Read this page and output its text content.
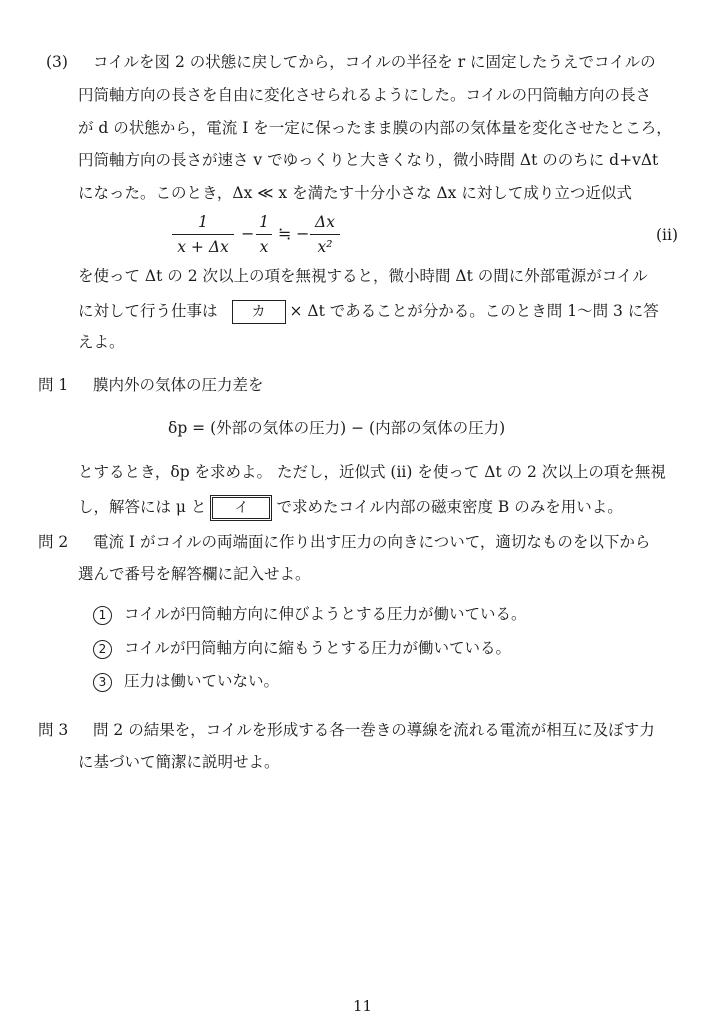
(3) コイルを図 2 の状態に戻してから，コイルの半径を r に固定したうえでコイルの
円筒軸方向の長さを自由に変化させられるようにした。コイルの円筒軸方向の長さ
が d の状態から，電流 I を一定に保ったまま膜の内部の気体量を変化させたところ，
円筒軸方向の長さが速さ v でゆっくりと大きくなり，微小時間 Δt ののちに d+vΔt
になった。このとき，Δx ≪ x を満たす十分小さな Δx に対して成り立つ近似式
1
x + Δx
−
1
x
≒ −
Δx
x²
(ii)
を使って Δt の 2 次以上の項を無視すると，微小時間 Δt の間に外部電源がコイル
に対して行う仕事は カ × Δt であることが分かる。このとき問 1〜問 3 に答
えよ。
問 1 膜内外の気体の圧力差を
δp = (外部の気体の圧力) − (内部の気体の圧力)
とするとき，δp を求めよ。 ただし，近似式 (ii) を使って Δt の 2 次以上の項を無視
し，解答には μ と イ で求めたコイル内部の磁束密度 B のみを用いよ。
問 2 電流 I がコイルの両端面に作り出す圧力の向きについて，適切なものを以下から
選んで番号を解答欄に記入せよ。
1 コイルが円筒軸方向に伸びようとする圧力が働いている。
2 コイルが円筒軸方向に縮もうとする圧力が働いている。
3 圧力は働いていない。
問 3 問 2 の結果を，コイルを形成する各一巻きの導線を流れる電流が相互に及ぼす力
に基づいて簡潔に説明せよ。
11
